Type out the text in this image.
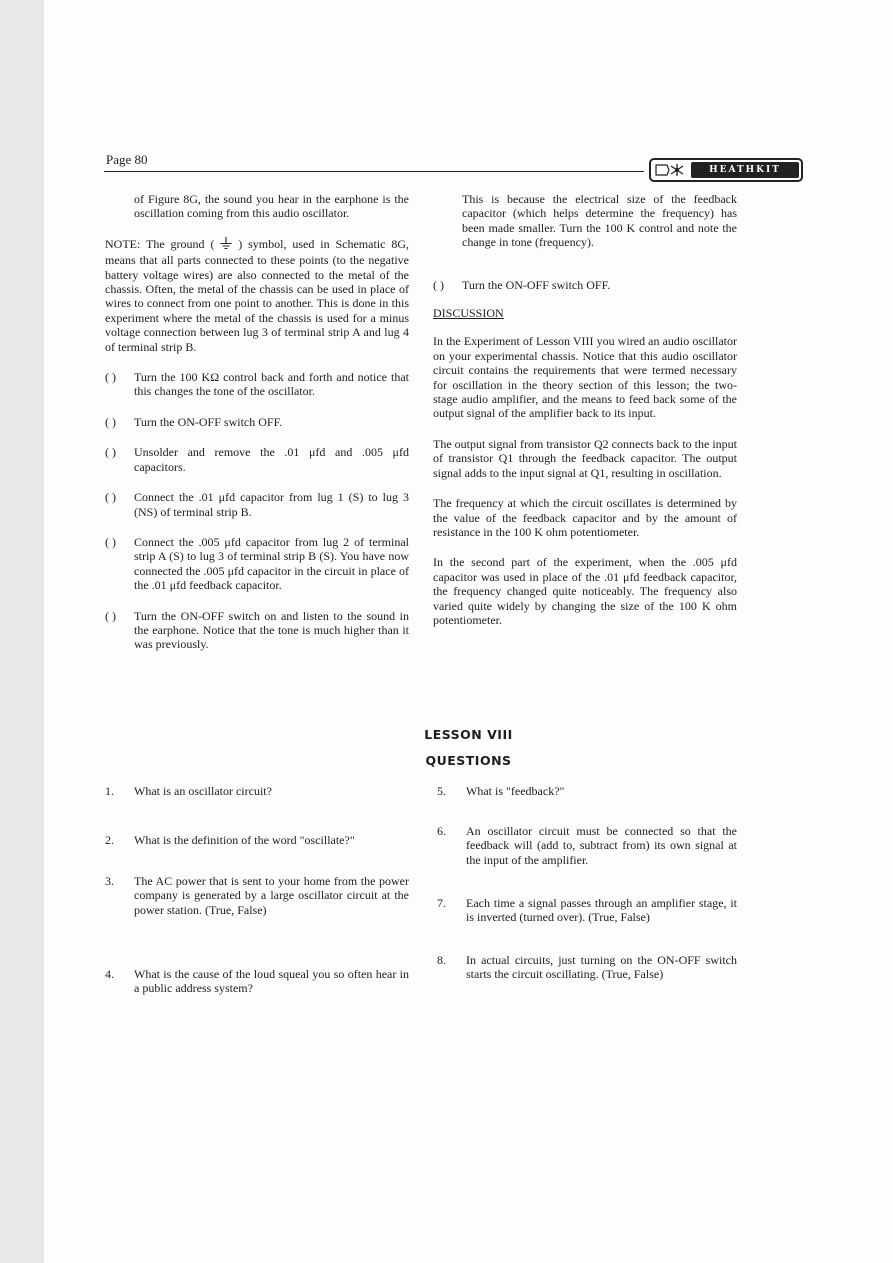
Page 80
HEATHKIT

of Figure 8G, the sound you hear in the earphone is the oscillation coming from this audio oscillator.

NOTE: The ground ( ) symbol, used in Schematic 8G, means that all parts connected to these points (to the negative battery voltage wires) are also connected to the metal of the chassis. Often, the metal of the chassis can be used in place of wires to connect from one point to another. This is done in this experiment where the metal of the chassis is used for a minus voltage connection between lug 3 of terminal strip A and lug 4 of terminal strip B.

( )	Turn the 100 KΩ control back and forth and notice that this changes the tone of the oscillator.
( )	Turn the ON-OFF switch OFF.
( )	Unsolder and remove the .01 μfd and .005 μfd capacitors.
( )	Connect the .01 μfd capacitor from lug 1 (S) to lug 3 (NS) of terminal strip B.
( )	Connect the .005 μfd capacitor from lug 2 of terminal strip A (S) to lug 3 of terminal strip B (S). You have now connected the .005 μfd capacitor in the circuit in place of the .01 μfd feedback capacitor.
( )	Turn the ON-OFF switch on and listen to the sound in the earphone. Notice that the tone is much higher than it was previously.

This is because the electrical size of the feedback capacitor (which helps determine the frequency) has been made smaller. Turn the 100 K control and note the change in tone (frequency).

( )	Turn the ON-OFF switch OFF.

DISCUSSION

In the Experiment of Lesson VIII you wired an audio oscillator on your experimental chassis. Notice that this audio oscillator circuit contains the requirements that were termed necessary for oscillation in the theory section of this lesson; the two-stage audio amplifier, and the means to feed back some of the output signal of the amplifier back to its input.

The output signal from transistor Q2 connects back to the input of transistor Q1 through the feedback capacitor. The output signal adds to the input signal at Q1, resulting in oscillation.

The frequency at which the circuit oscillates is determined by the value of the feedback capacitor and by the amount of resistance in the 100 K ohm potentiometer.

In the second part of the experiment, when the .005 μfd capacitor was used in place of the .01 μfd feedback capacitor, the frequency changed quite noticeably. The frequency also varied quite widely by changing the size of the 100 K ohm potentiometer.

LESSON VIII
QUESTIONS
1.	What is an oscillator circuit?
2.	What is the definition of the word "oscillate?"
3.	The AC power that is sent to your home from the power company is generated by a large oscillator circuit at the power station. (True, False)
4.	What is the cause of the loud squeal you so often hear in a public address system?
5.	What is "feedback?"
6.	An oscillator circuit must be connected so that the feedback will (add to, subtract from) its own signal at the input of the amplifier.
7.	Each time a signal passes through an amplifier stage, it is inverted (turned over). (True, False)
8.	In actual circuits, just turning on the ON-OFF switch starts the circuit oscillating. (True, False)
